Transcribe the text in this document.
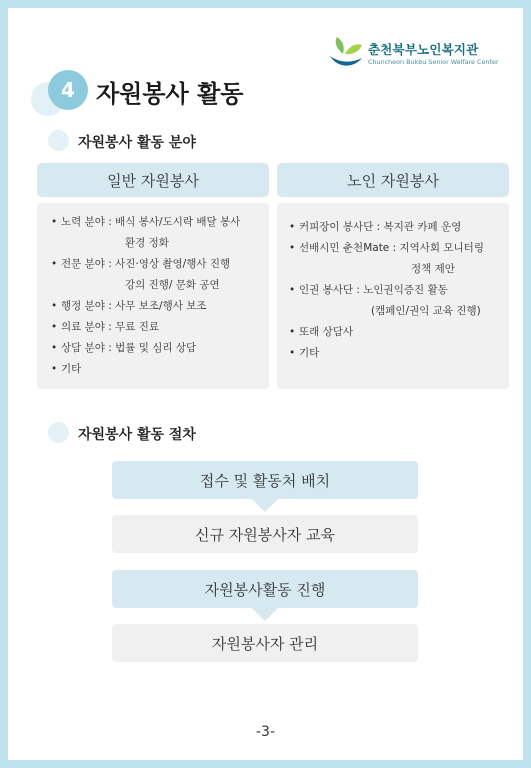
춘천북부노인복지관
Chuncheon Bukbu Senior Welfare Center
4 자원봉사 활동
자원봉사 활동 분야
일반 자원봉사
• 노력 분야 : 배식 봉사/도시락 배달 봉사
환경 정화
• 전문 분야 : 사진·영상 촬영/행사 진행
강의 진행/ 문화 공연
• 행정 분야 : 사무 보조/행사 보조
• 의료 분야 : 무료 진료
• 상담 분야 : 법률 및 심리 상담
• 기타
노인 자원봉사
• 커피장이 봉사단 : 복지관 카페 운영
• 선배시민 춘천Mate : 지역사회 모니터링
정책 제안
• 인권 봉사단 : 노인권익증진 활동
(캠페인/권익 교육 진행)
• 또래 상담사
• 기타
자원봉사 활동 절차
접수 및 활동처 배치
신규 자원봉사자 교육
자원봉사활동 진행
자원봉사자 관리
-3-
